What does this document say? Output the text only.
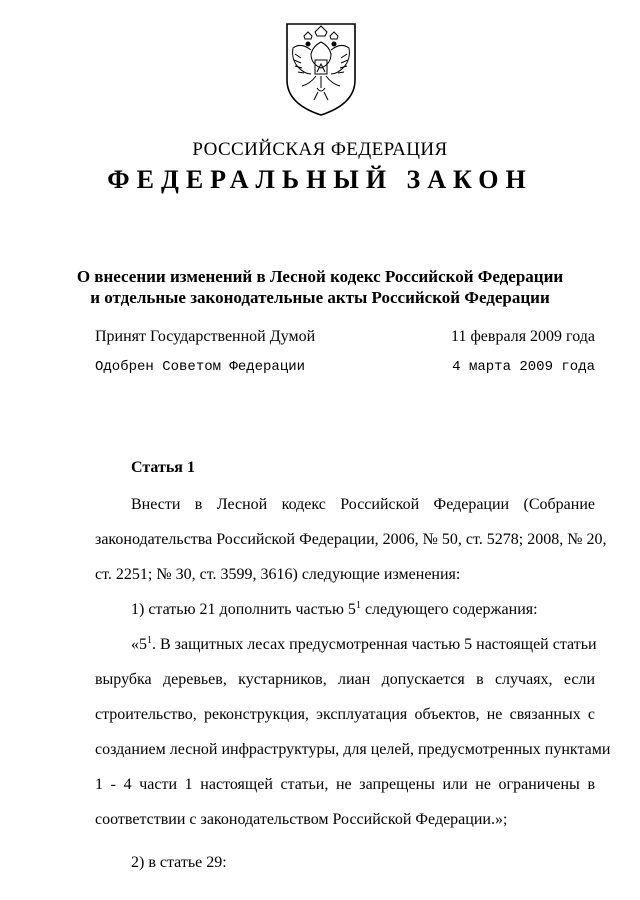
РОССИЙСКАЯ ФЕДЕРАЦИЯ
ФЕДЕРАЛЬНЫЙ ЗАКОН
О внесении изменений в Лесной кодекс Российской Федерации
и отдельные законодательные акты Российской Федерации
Принят Государственной Думой	11 февраля 2009 года
Одобрен Советом Федерации	4 марта 2009 года
Статья 1
Внести в Лесной кодекс Российской Федерации (Собрание
законодательства Российской Федерации, 2006, № 50, ст. 5278; 2008, № 20,
ст. 2251; № 30, ст. 3599, 3616) следующие изменения:
1) статью 21 дополнить частью $5^1$ следующего содержания:
«$5^1$. В защитных лесах предусмотренная частью 5 настоящей статьи
вырубка деревьев, кустарников, лиан допускается в случаях, если
строительство, реконструкция, эксплуатация объектов, не связанных с
созданием лесной инфраструктуры, для целей, предусмотренных пунктами
1 - 4 части 1 настоящей статьи, не запрещены или не ограничены в
соответствии с законодательством Российской Федерации.»;
2) в статье 29:
